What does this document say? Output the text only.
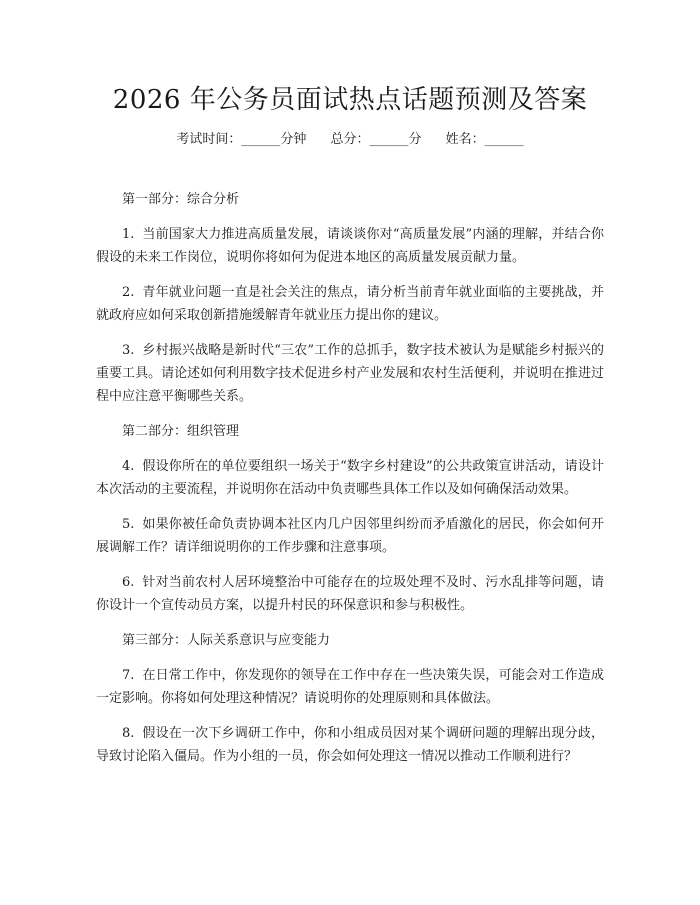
2026 年公务员面试热点话题预测及答案
考试时间：______分钟 总分：______分 姓名：______
第一部分：综合分析

1. 当前国家大力推进高质量发展，请谈谈你对“高质量发展”内涵的理解，并结合你假设的未来工作岗位，说明你将如何为促进本地区的高质量发展贡献力量。

2. 青年就业问题一直是社会关注的焦点，请分析当前青年就业面临的主要挑战，并就政府应如何采取创新措施缓解青年就业压力提出你的建议。

3. 乡村振兴战略是新时代“三农”工作的总抓手，数字技术被认为是赋能乡村振兴的重要工具。请论述如何利用数字技术促进乡村产业发展和农村生活便利，并说明在推进过程中应注意平衡哪些关系。

第二部分：组织管理

4. 假设你所在的单位要组织一场关于“数字乡村建设”的公共政策宣讲活动，请设计本次活动的主要流程，并说明你在活动中负责哪些具体工作以及如何确保活动效果。

5. 如果你被任命负责协调本社区内几户因邻里纠纷而矛盾激化的居民，你会如何开展调解工作？请详细说明你的工作步骤和注意事项。

6. 针对当前农村人居环境整治中可能存在的垃圾处理不及时、污水乱排等问题，请你设计一个宣传动员方案，以提升村民的环保意识和参与积极性。

第三部分：人际关系意识与应变能力

7. 在日常工作中，你发现你的领导在工作中存在一些决策失误，可能会对工作造成一定影响。你将如何处理这种情况？请说明你的处理原则和具体做法。

8. 假设在一次下乡调研工作中，你和小组成员因对某个调研问题的理解出现分歧，导致讨论陷入僵局。作为小组的一员，你会如何处理这一情况以推动工作顺利进行？
